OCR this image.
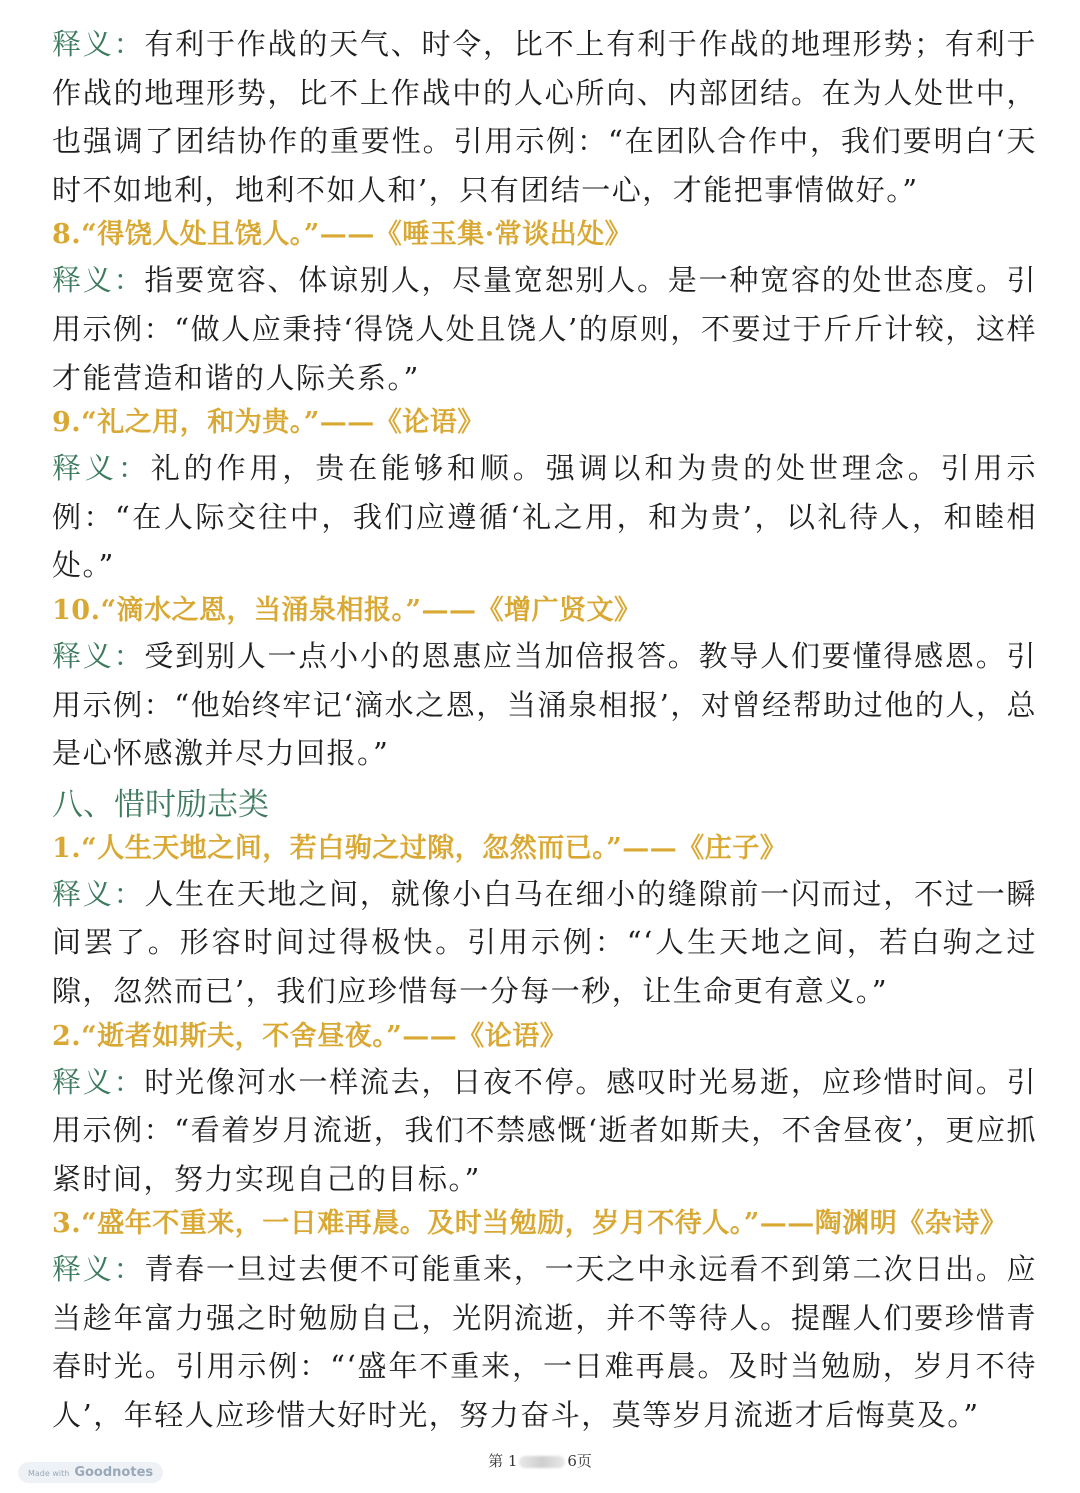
释义：有利于作战的天气、时令，比不上有利于作战的地理形势；有利于作战的地理形势，比不上作战中的人心所向、内部团结。在为人处世中，也强调了团结协作的重要性。引用示例：“在团队合作中，我们要明白‘天时不如地利，地利不如人和’，只有团结一心，才能把事情做好。”

8.“得饶人处且饶人。”——《唾玉集·常谈出处》

释义：指要宽容、体谅别人，尽量宽恕别人。是一种宽容的处世态度。引用示例：“做人应秉持‘得饶人处且饶人’的原则，不要过于斤斤计较，这样才能营造和谐的人际关系。”

9.“礼之用，和为贵。”——《论语》

释义：礼的作用，贵在能够和顺。强调以和为贵的处世理念。引用示例：“在人际交往中，我们应遵循‘礼之用，和为贵’，以礼待人，和睦相处。”

10.“滴水之恩，当涌泉相报。”——《增广贤文》

释义：受到别人一点小小的恩惠应当加倍报答。教导人们要懂得感恩。引用示例：“他始终牢记‘滴水之恩，当涌泉相报’，对曾经帮助过他的人，总是心怀感激并尽力回报。”

八、惜时励志类

1.“人生天地之间，若白驹之过隙，忽然而已。”——《庄子》

释义：人生在天地之间，就像小白马在细小的缝隙前一闪而过，不过一瞬间罢了。形容时间过得极快。引用示例：“‘人生天地之间，若白驹之过隙，忽然而已’，我们应珍惜每一分每一秒，让生命更有意义。”

2.“逝者如斯夫，不舍昼夜。”——《论语》

释义：时光像河水一样流去，日夜不停。感叹时光易逝，应珍惜时间。引用示例：“看着岁月流逝，我们不禁感慨‘逝者如斯夫，不舍昼夜’，更应抓紧时间，努力实现自己的目标。”

3.“盛年不重来，一日难再晨。及时当勉励，岁月不待人。”——陶渊明《杂诗》

释义：青春一旦过去便不可能重来，一天之中永远看不到第二次日出。应当趁年富力强之时勉励自己，光阴流逝，并不等待人。提醒人们要珍惜青春时光。引用示例：“‘盛年不重来，一日难再晨。及时当勉励，岁月不待人’，年轻人应珍惜大好时光，努力奋斗，莫等岁月流逝才后悔莫及。”

第 1	6页
Made with Goodnotes
